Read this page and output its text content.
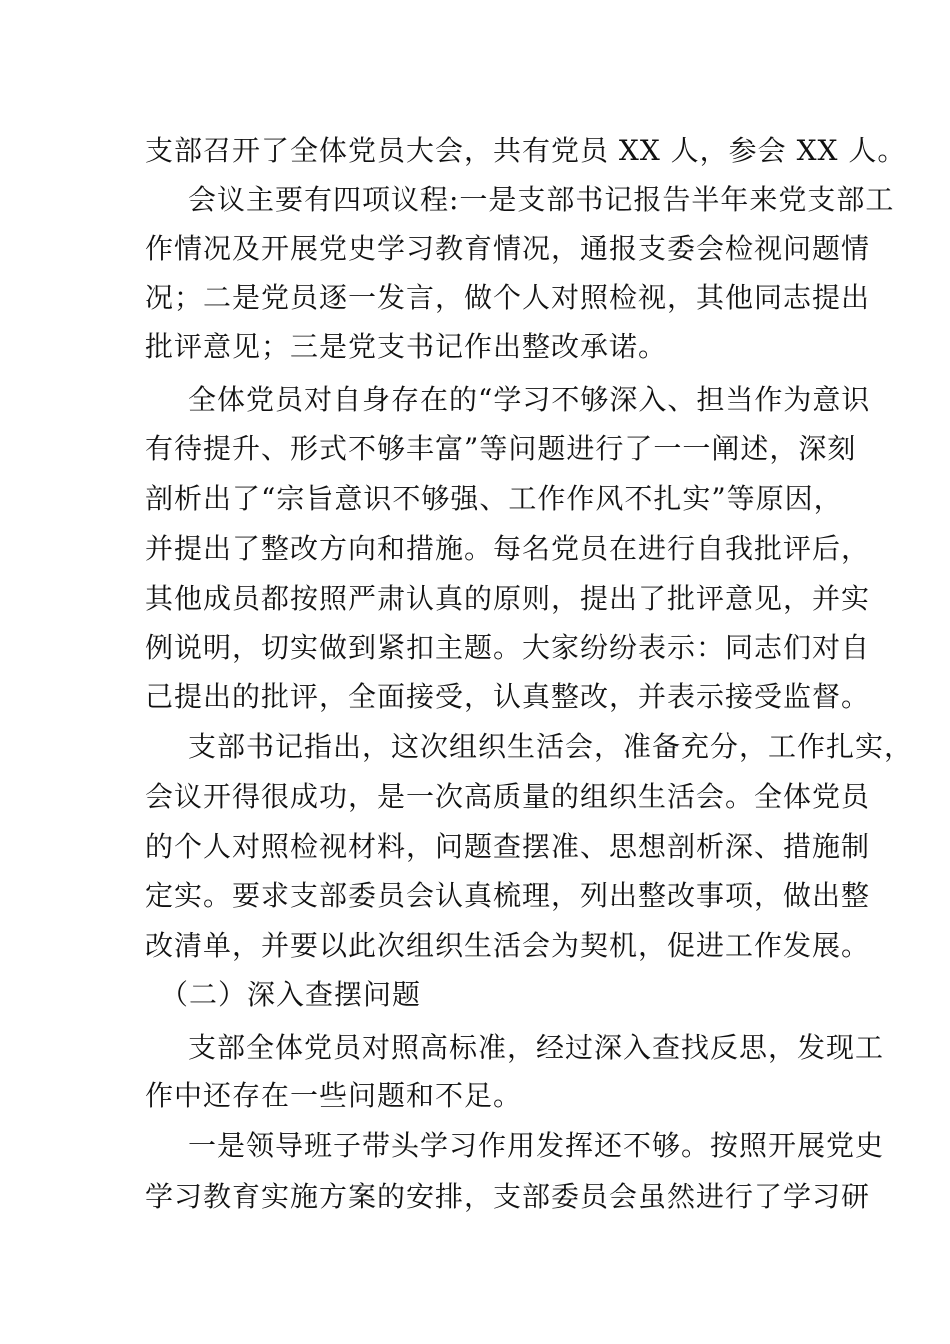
支部召开了全体党员大会，共有党员 XX 人，参会 XX 人。
会议主要有四项议程:一是支部书记报告半年来党支部工
作情况及开展党史学习教育情况，通报支委会检视问题情
况；二是党员逐一发言，做个人对照检视，其他同志提出
批评意见；三是党支书记作出整改承诺。
全体党员对自身存在的“学习不够深入、担当作为意识
有待提升、形式不够丰富”等问题进行了一一阐述，深刻
剖析出了“宗旨意识不够强、工作作风不扎实”等原因，
并提出了整改方向和措施。每名党员在进行自我批评后，
其他成员都按照严肃认真的原则，提出了批评意见，并实
例说明，切实做到紧扣主题。大家纷纷表示：同志们对自
己提出的批评，全面接受，认真整改，并表示接受监督。
支部书记指出，这次组织生活会，准备充分，工作扎实，
会议开得很成功，是一次高质量的组织生活会。全体党员
的个人对照检视材料，问题查摆准、思想剖析深、措施制
定实。要求支部委员会认真梳理，列出整改事项，做出整
改清单，并要以此次组织生活会为契机，促进工作发展。
（二）深入查摆问题
支部全体党员对照高标准，经过深入查找反思，发现工
作中还存在一些问题和不足。
一是领导班子带头学习作用发挥还不够。按照开展党史
学习教育实施方案的安排，支部委员会虽然进行了学习研
